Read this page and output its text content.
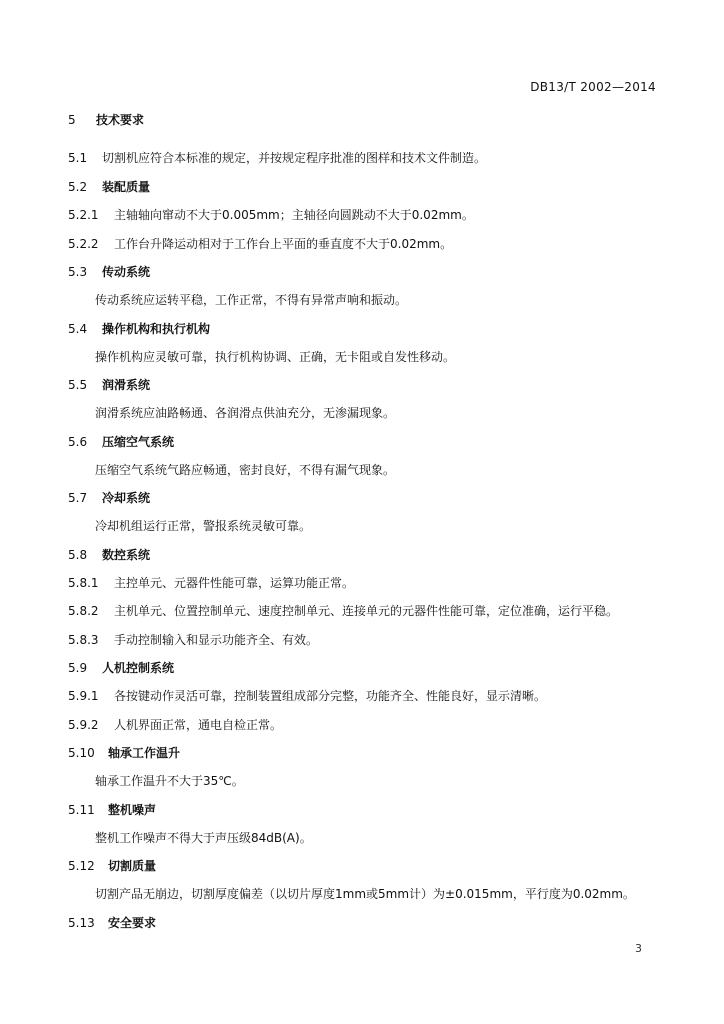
DB13/T 2002—2014
5 技术要求
5.1 切割机应符合本标准的规定，并按规定程序批准的图样和技术文件制造。
5.2 装配质量
5.2.1 主轴轴向窜动不大于0.005mm；主轴径向圆跳动不大于0.02mm。
5.2.2 工作台升降运动相对于工作台上平面的垂直度不大于0.02mm。
5.3 传动系统
传动系统应运转平稳，工作正常，不得有异常声响和振动。
5.4 操作机构和执行机构
操作机构应灵敏可靠，执行机构协调、正确，无卡阻或自发性移动。
5.5 润滑系统
润滑系统应油路畅通、各润滑点供油充分，无渗漏现象。
5.6 压缩空气系统
压缩空气系统气路应畅通，密封良好，不得有漏气现象。
5.7 冷却系统
冷却机组运行正常，警报系统灵敏可靠。
5.8 数控系统
5.8.1 主控单元、元器件性能可靠，运算功能正常。
5.8.2 主机单元、位置控制单元、速度控制单元、连接单元的元器件性能可靠，定位准确，运行平稳。
5.8.3 手动控制输入和显示功能齐全、有效。
5.9 人机控制系统
5.9.1 各按键动作灵活可靠，控制装置组成部分完整，功能齐全、性能良好，显示清晰。
5.9.2 人机界面正常，通电自检正常。
5.10 轴承工作温升
轴承工作温升不大于35℃。
5.11 整机噪声
整机工作噪声不得大于声压级84dB(A)。
5.12 切割质量
切割产品无崩边，切割厚度偏差（以切片厚度1mm或5mm计）为±0.015mm，平行度为0.02mm。
5.13 安全要求
3
